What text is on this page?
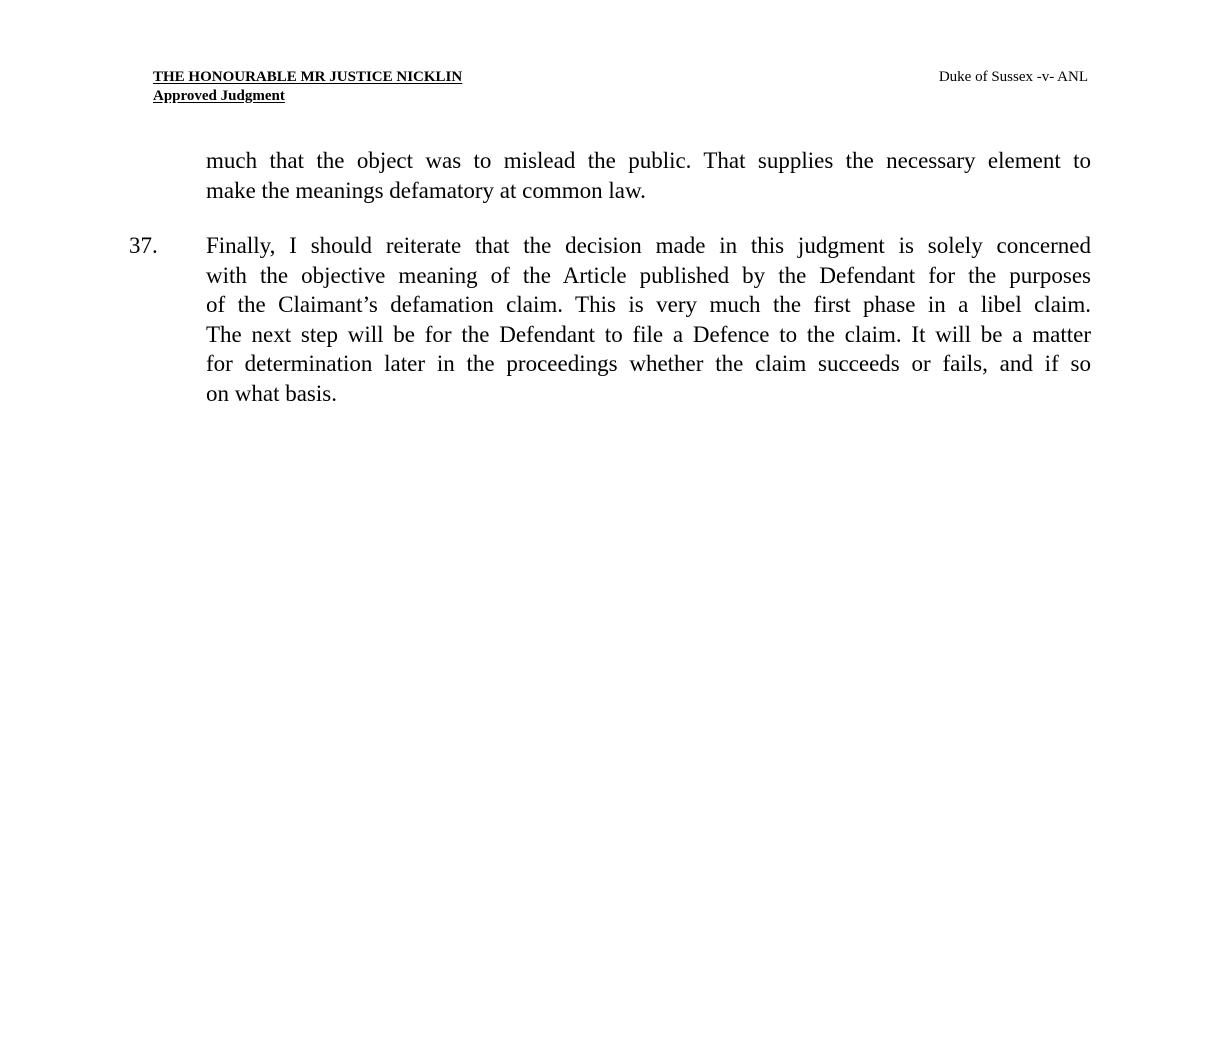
THE HONOURABLE MR JUSTICE NICKLIN
Approved Judgment
Duke of Sussex -v- ANL
much that the object was to mislead the public. That supplies the necessary element to
make the meanings defamatory at common law.
37. Finally, I should reiterate that the decision made in this judgment is solely concerned
with the objective meaning of the Article published by the Defendant for the purposes
of the Claimant’s defamation claim. This is very much the first phase in a libel claim.
The next step will be for the Defendant to file a Defence to the claim. It will be a matter
for determination later in the proceedings whether the claim succeeds or fails, and if so
on what basis.
